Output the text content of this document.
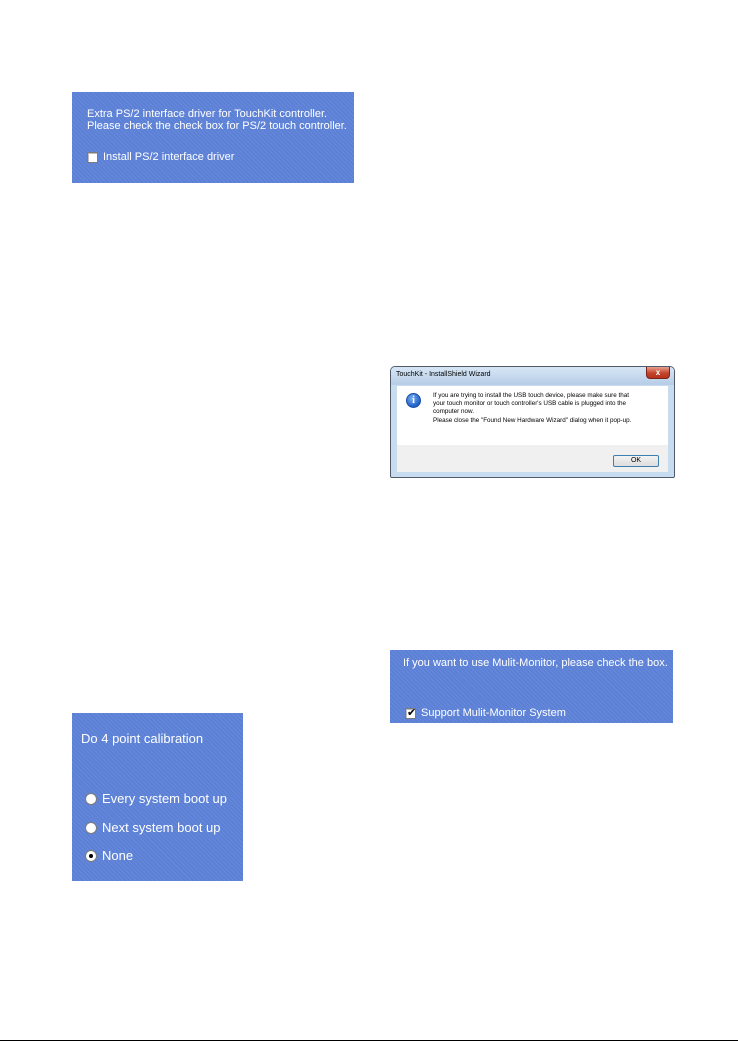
Extra PS/2 interface driver for TouchKit controller.
Please check the check box for PS/2 touch controller.
Install PS/2 interface driver
TouchKit - InstallShield Wizard	x
i	If you are trying to install the USB touch device, please make sure that
your touch monitor or touch controller's USB cable is plugged into the
computer now.
Please close the "Found New Hardware Wizard" dialog when it pop-up.
OK
If you want to use Mulit-Monitor, please check the box.
✔ Support Mulit-Monitor System
Do 4 point calibration
Every system boot up
Next system boot up
None
